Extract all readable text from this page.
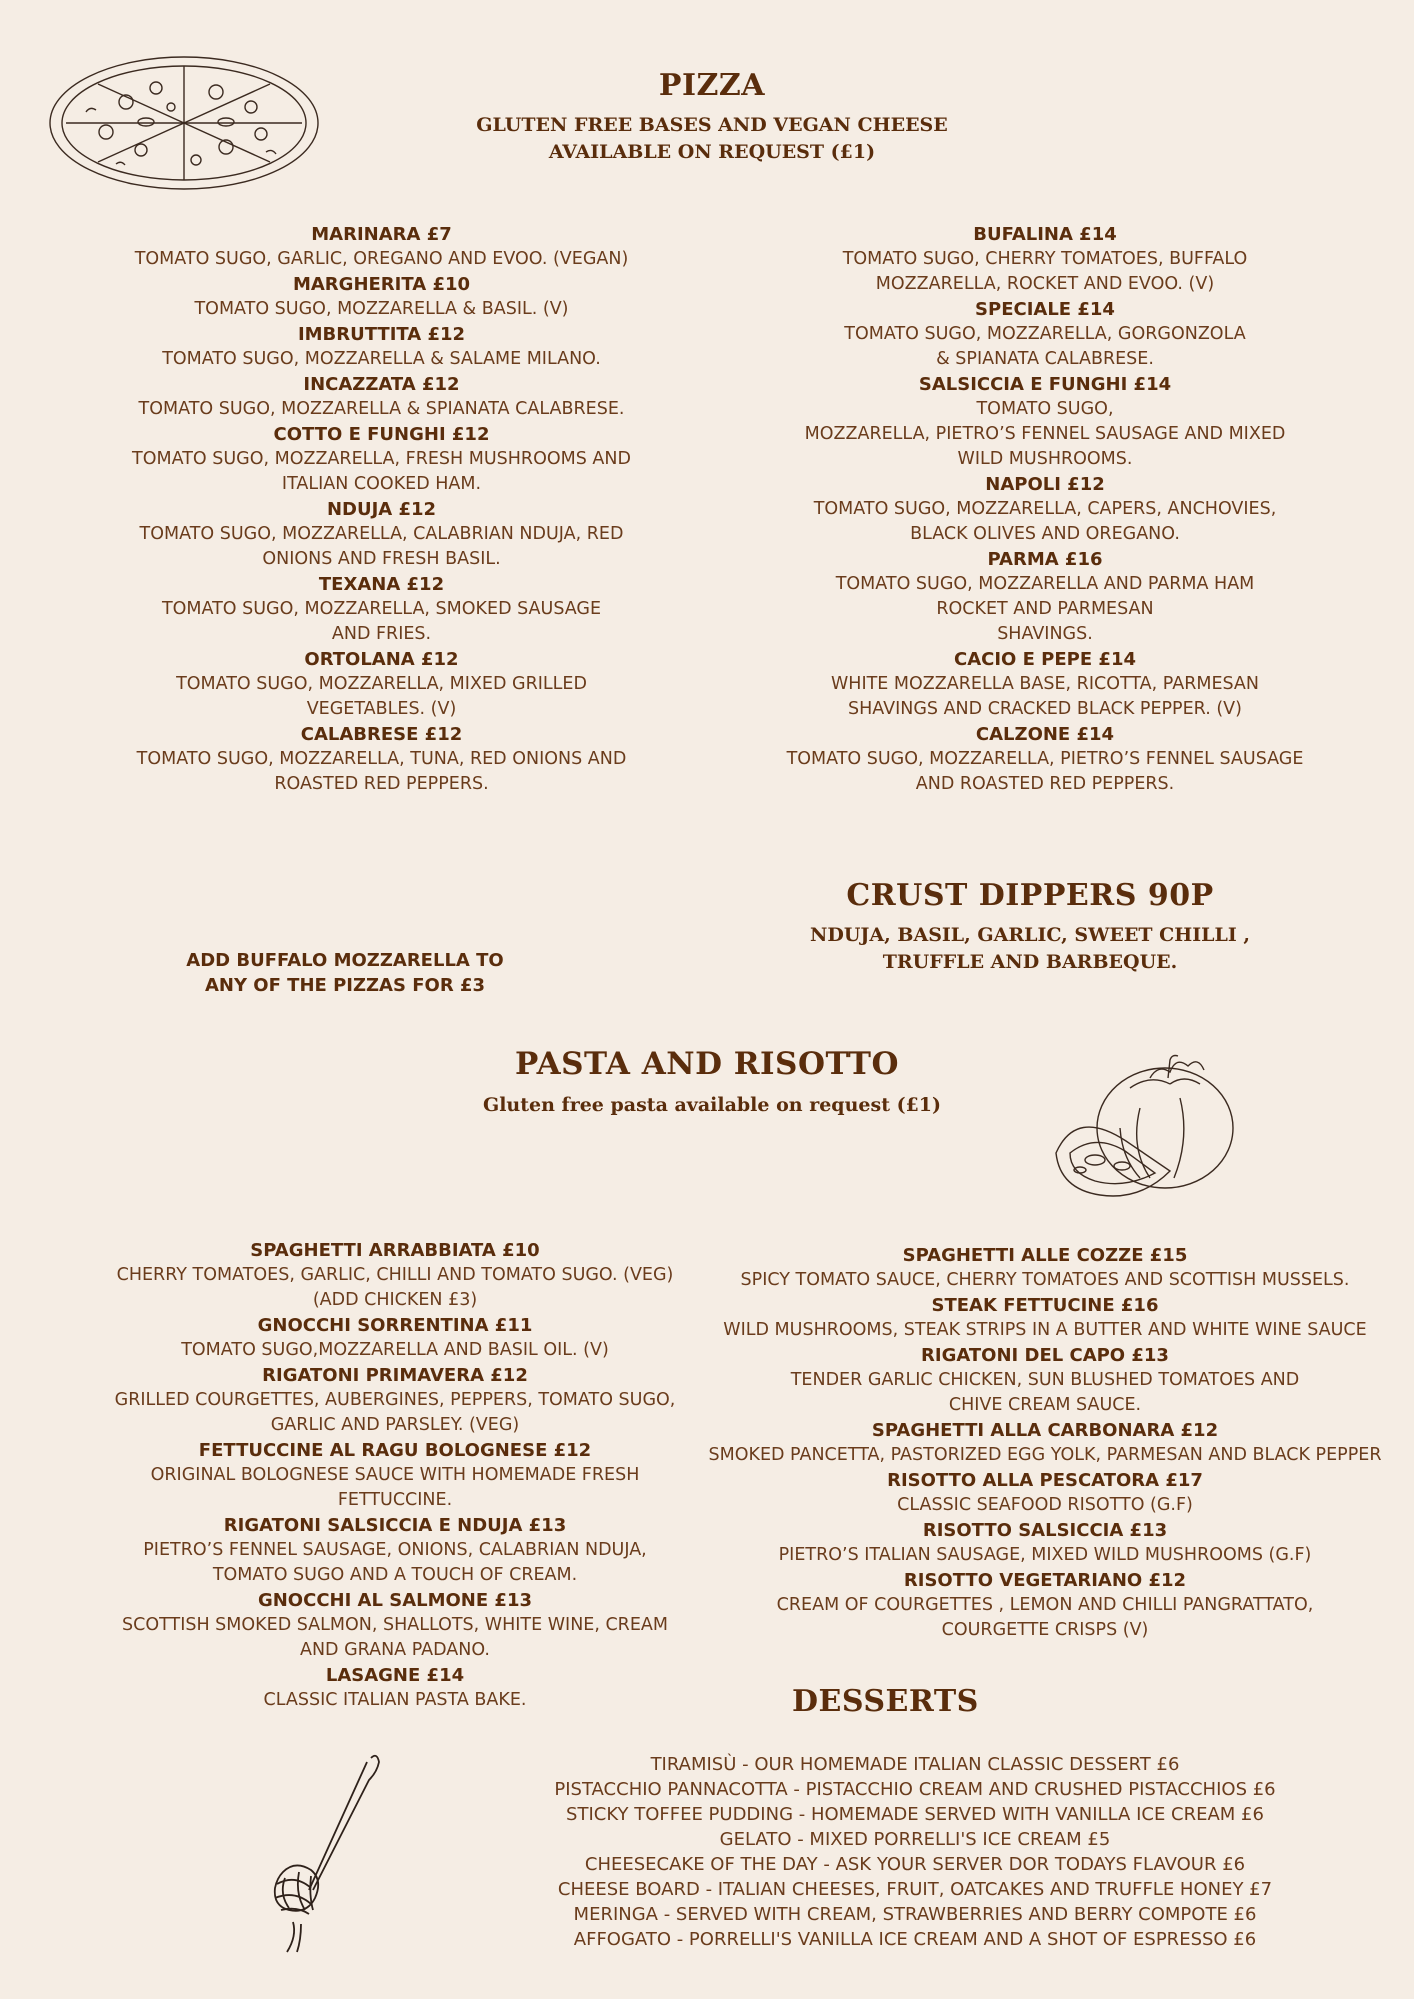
PIZZA
GLUTEN FREE BASES AND VEGAN CHEESE
AVAILABLE ON REQUEST (£1)
MARINARA £7
TOMATO SUGO, GARLIC, OREGANO AND EVOO. (VEGAN)
MARGHERITA £10
TOMATO SUGO, MOZZARELLA & BASIL. (V)
IMBRUTTITA £12
TOMATO SUGO, MOZZARELLA & SALAME MILANO.
INCAZZATA £12
TOMATO SUGO, MOZZARELLA & SPIANATA CALABRESE.
COTTO E FUNGHI £12
TOMATO SUGO, MOZZARELLA, FRESH MUSHROOMS AND
ITALIAN COOKED HAM.
NDUJA £12
TOMATO SUGO, MOZZARELLA, CALABRIAN NDUJA, RED
ONIONS AND FRESH BASIL.
TEXANA £12
TOMATO SUGO, MOZZARELLA, SMOKED SAUSAGE
AND FRIES.
ORTOLANA £12
TOMATO SUGO, MOZZARELLA, MIXED GRILLED
VEGETABLES. (V)
CALABRESE £12
TOMATO SUGO, MOZZARELLA, TUNA, RED ONIONS AND
ROASTED RED PEPPERS.
BUFALINA £14
TOMATO SUGO, CHERRY TOMATOES, BUFFALO
MOZZARELLA, ROCKET AND EVOO. (V)
SPECIALE £14
TOMATO SUGO, MOZZARELLA, GORGONZOLA
& SPIANATA CALABRESE.
SALSICCIA E FUNGHI £14
TOMATO SUGO,
MOZZARELLA, PIETRO’S FENNEL SAUSAGE AND MIXED
WILD MUSHROOMS.
NAPOLI £12
TOMATO SUGO, MOZZARELLA, CAPERS, ANCHOVIES,
BLACK OLIVES AND OREGANO.
PARMA £16
TOMATO SUGO, MOZZARELLA AND PARMA HAM
ROCKET AND PARMESAN
SHAVINGS.
CACIO E PEPE £14
WHITE MOZZARELLA BASE, RICOTTA, PARMESAN
SHAVINGS AND CRACKED BLACK PEPPER. (V)
CALZONE £14
TOMATO SUGO, MOZZARELLA, PIETRO’S FENNEL SAUSAGE
AND ROASTED RED PEPPERS.
ADD BUFFALO MOZZARELLA TO
ANY OF THE PIZZAS FOR £3
CRUST DIPPERS 90P
NDUJA, BASIL, GARLIC, SWEET CHILLI ,
TRUFFLE AND BARBEQUE.
PASTA AND RISOTTO
Gluten free pasta available on request (£1)
SPAGHETTI ARRABBIATA £10
CHERRY TOMATOES, GARLIC, CHILLI AND TOMATO SUGO. (VEG)
(ADD CHICKEN £3)
GNOCCHI SORRENTINA £11
TOMATO SUGO,MOZZARELLA AND BASIL OIL. (V)
RIGATONI PRIMAVERA £12
GRILLED COURGETTES, AUBERGINES, PEPPERS, TOMATO SUGO,
GARLIC AND PARSLEY. (VEG)
FETTUCCINE AL RAGU BOLOGNESE £12
ORIGINAL BOLOGNESE SAUCE WITH HOMEMADE FRESH
FETTUCCINE.
RIGATONI SALSICCIA E NDUJA £13
PIETRO’S FENNEL SAUSAGE, ONIONS, CALABRIAN NDUJA,
TOMATO SUGO AND A TOUCH OF CREAM.
GNOCCHI AL SALMONE £13
SCOTTISH SMOKED SALMON, SHALLOTS, WHITE WINE, CREAM
AND GRANA PADANO.
LASAGNE £14
CLASSIC ITALIAN PASTA BAKE.
SPAGHETTI ALLE COZZE £15
SPICY TOMATO SAUCE, CHERRY TOMATOES AND SCOTTISH MUSSELS.
STEAK FETTUCINE £16
WILD MUSHROOMS, STEAK STRIPS IN A BUTTER AND WHITE WINE SAUCE
RIGATONI DEL CAPO £13
TENDER GARLIC CHICKEN, SUN BLUSHED TOMATOES AND
CHIVE CREAM SAUCE.
SPAGHETTI ALLA CARBONARA £12
SMOKED PANCETTA, PASTORIZED EGG YOLK, PARMESAN AND BLACK PEPPER
RISOTTO ALLA PESCATORA £17
CLASSIC SEAFOOD RISOTTO (G.F)
RISOTTO SALSICCIA £13
PIETRO’S ITALIAN SAUSAGE, MIXED WILD MUSHROOMS (G.F)
RISOTTO VEGETARIANO £12
CREAM OF COURGETTES , LEMON AND CHILLI PANGRATTATO,
COURGETTE CRISPS (V)
DESSERTS
TIRAMISÙ - OUR HOMEMADE ITALIAN CLASSIC DESSERT £6
PISTACCHIO PANNACOTTA - PISTACCHIO CREAM AND CRUSHED PISTACCHIOS £6
STICKY TOFFEE PUDDING - HOMEMADE SERVED WITH VANILLA ICE CREAM £6
GELATO - MIXED PORRELLI'S ICE CREAM £5
CHEESECAKE OF THE DAY - ASK YOUR SERVER DOR TODAYS FLAVOUR £6
CHEESE BOARD - ITALIAN CHEESES, FRUIT, OATCAKES AND TRUFFLE HONEY £7
MERINGA - SERVED WITH CREAM, STRAWBERRIES AND BERRY COMPOTE £6
AFFOGATO - PORRELLI'S VANILLA ICE CREAM AND A SHOT OF ESPRESSO £6
